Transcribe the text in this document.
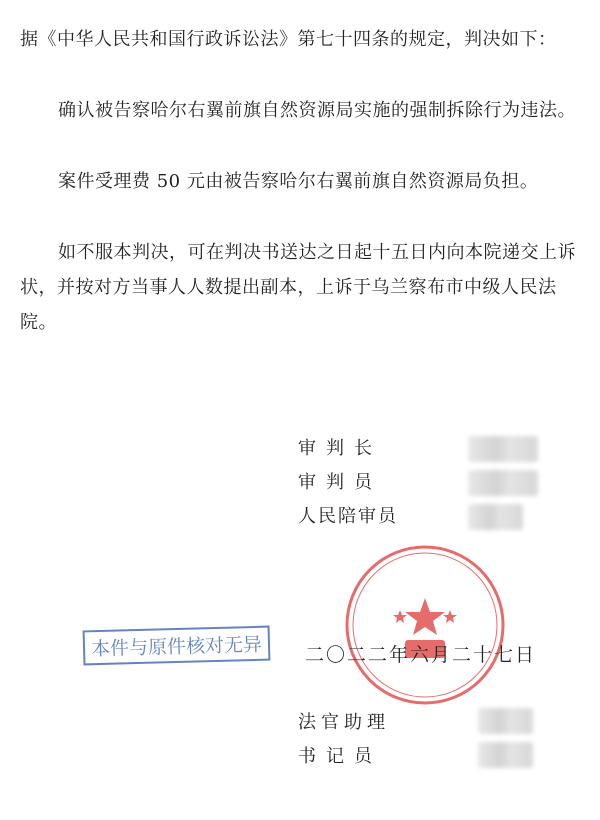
据《中华人民共和国行政诉讼法》第七十四条的规定，判决如下：

确认被告察哈尔右翼前旗自然资源局实施的强制拆除行为违法。

案件受理费 50 元由被告察哈尔右翼前旗自然资源局负担。

如不服本判决，可在判决书送达之日起十五日内向本院递交上诉状，并按对方当事人人数提出副本，上诉于乌兰察布市中级人民法院。

审判长
审判员
人民陪审员
本件与原件核对无异	二〇二二年六月二十七日
法官助理
书记员
